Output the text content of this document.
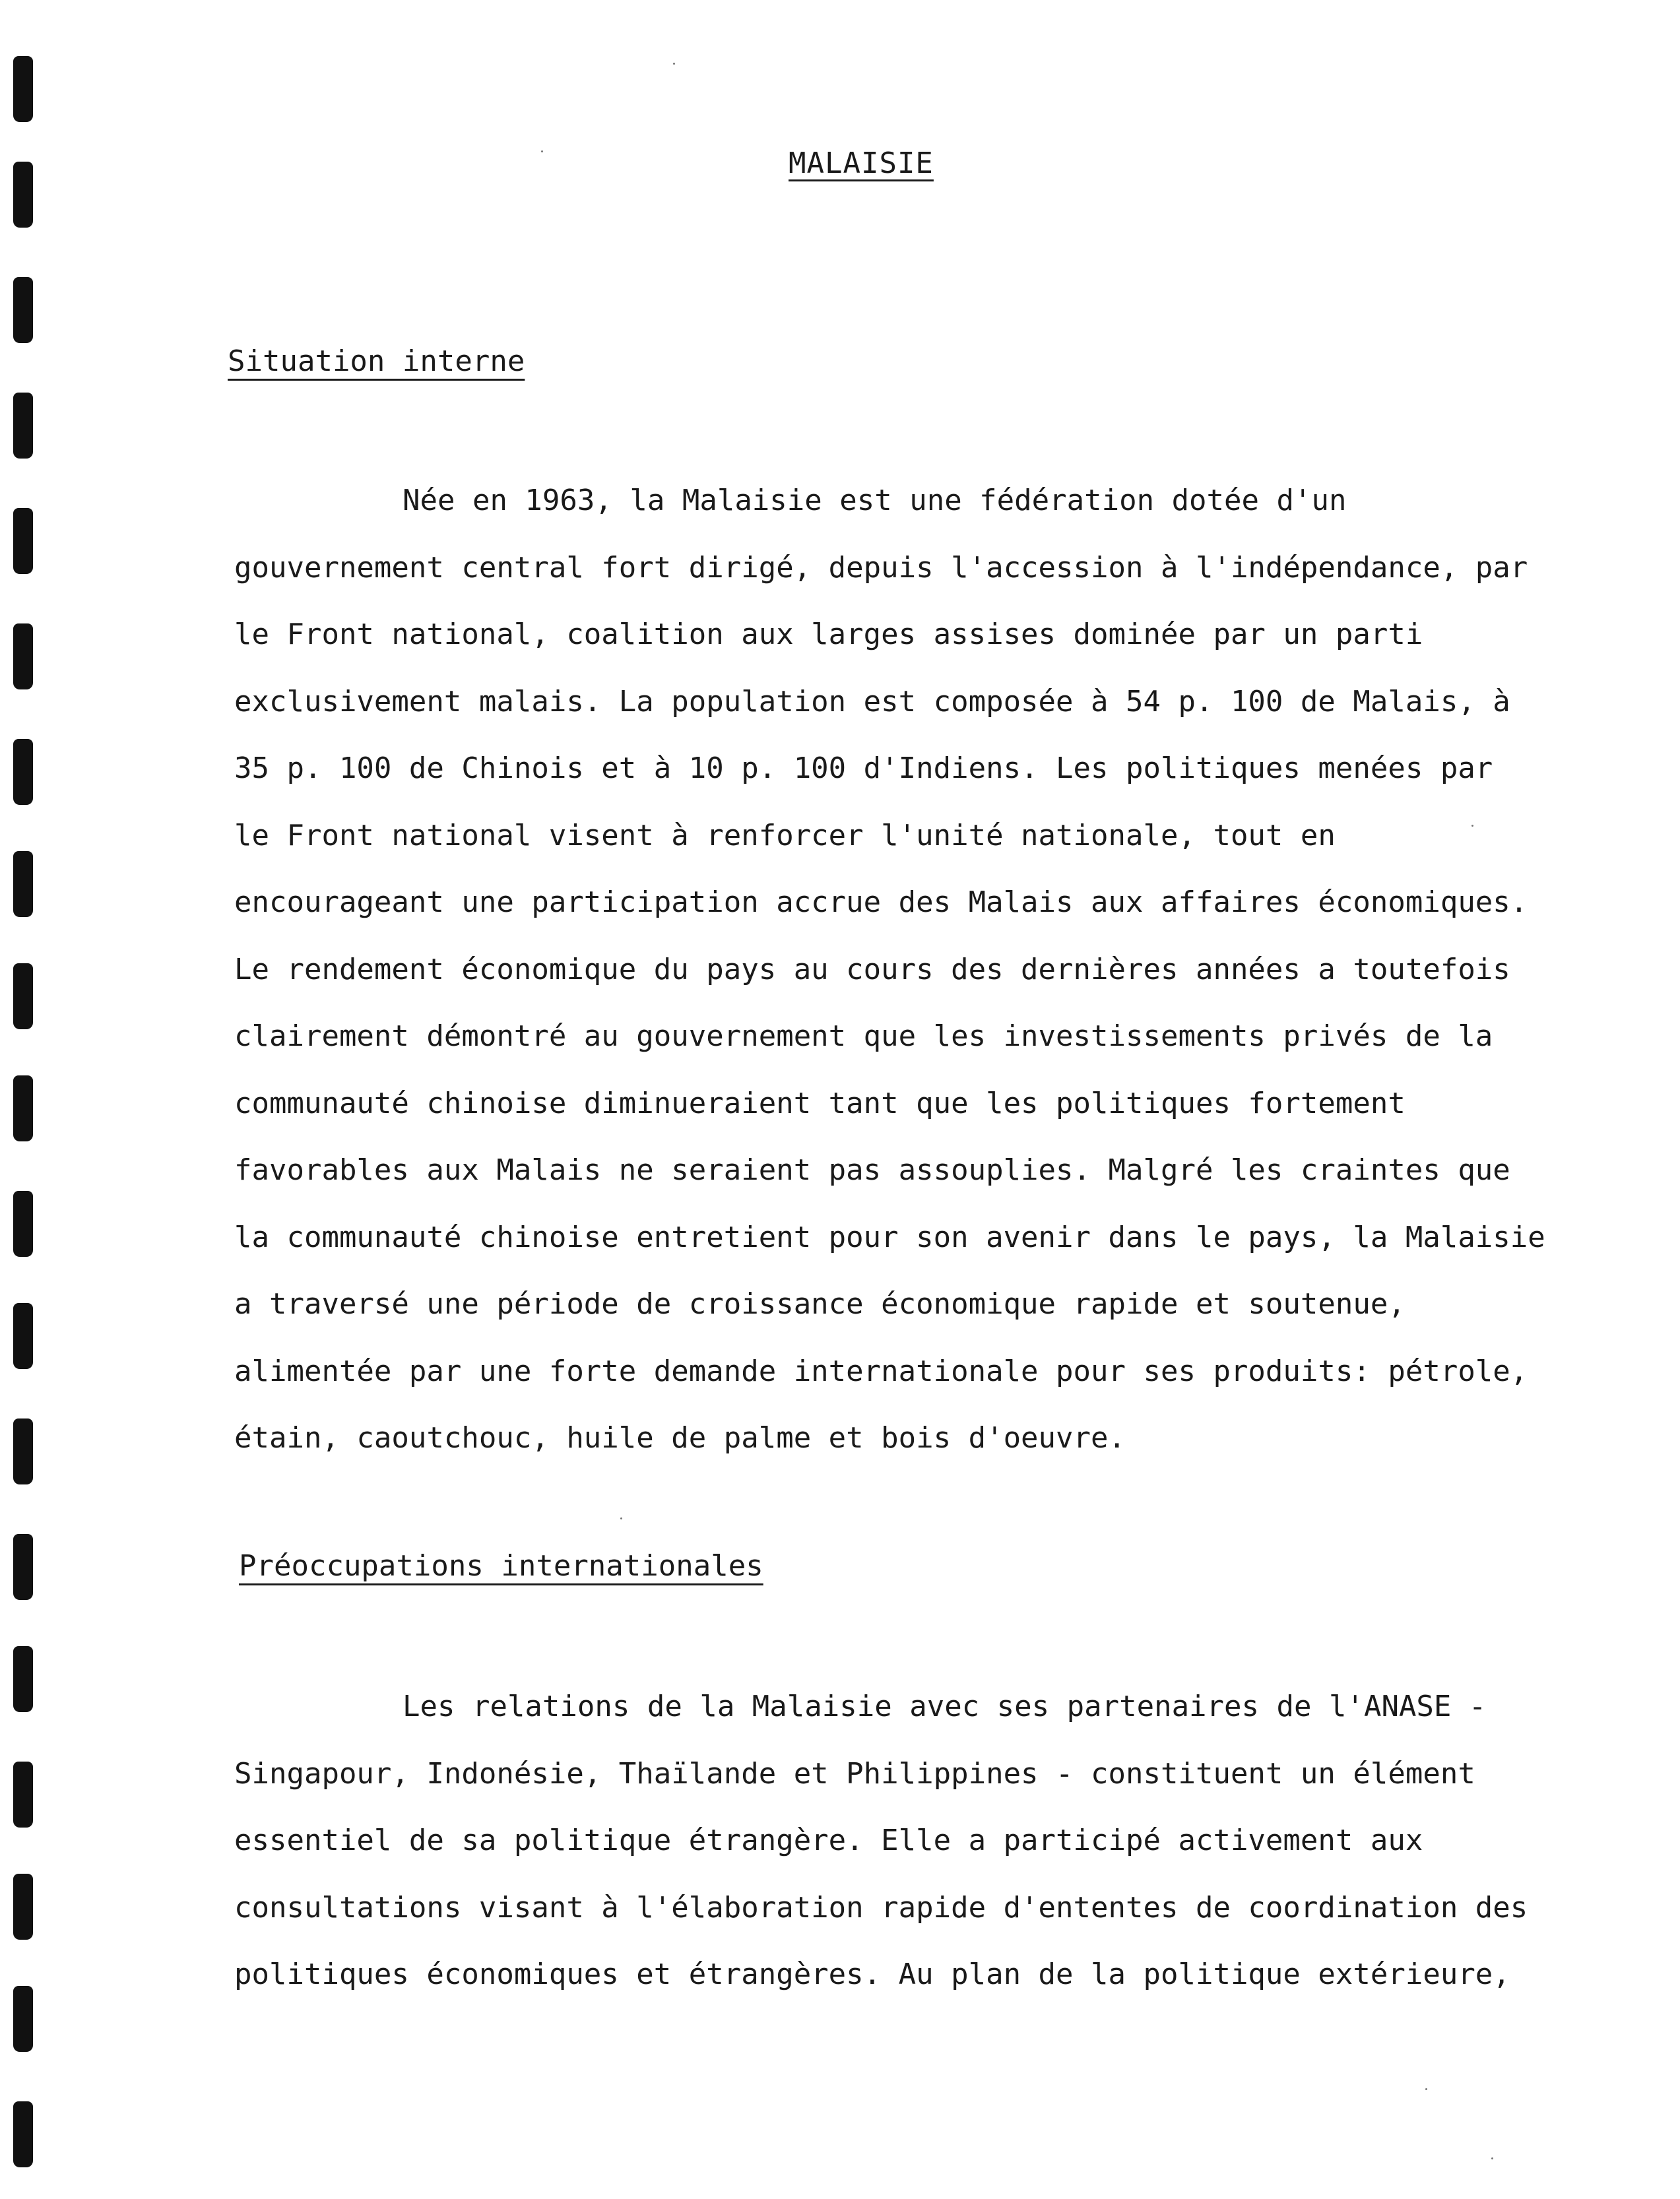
MALAISIE
Situation interne
Née en 1963, la Malaisie est une fédération dotée d'un
gouvernement central fort dirigé, depuis l'accession à l'indépendance, par
le Front national, coalition aux larges assises dominée par un parti
exclusivement malais. La population est composée à 54 p. 100 de Malais, à
35 p. 100 de Chinois et à 10 p. 100 d'Indiens. Les politiques menées par
le Front national visent à renforcer l'unité nationale, tout en
encourageant une participation accrue des Malais aux affaires économiques.
Le rendement économique du pays au cours des dernières années a toutefois
clairement démontré au gouvernement que les investissements privés de la
communauté chinoise diminueraient tant que les politiques fortement
favorables aux Malais ne seraient pas assouplies. Malgré les craintes que
la communauté chinoise entretient pour son avenir dans le pays, la Malaisie
a traversé une période de croissance économique rapide et soutenue,
alimentée par une forte demande internationale pour ses produits: pétrole,
étain, caoutchouc, huile de palme et bois d'oeuvre.
Préoccupations internationales
Les relations de la Malaisie avec ses partenaires de l'ANASE -
Singapour, Indonésie, Thaïlande et Philippines - constituent un élément
essentiel de sa politique étrangère. Elle a participé activement aux
consultations visant à l'élaboration rapide d'ententes de coordination des
politiques économiques et étrangères. Au plan de la politique extérieure,
